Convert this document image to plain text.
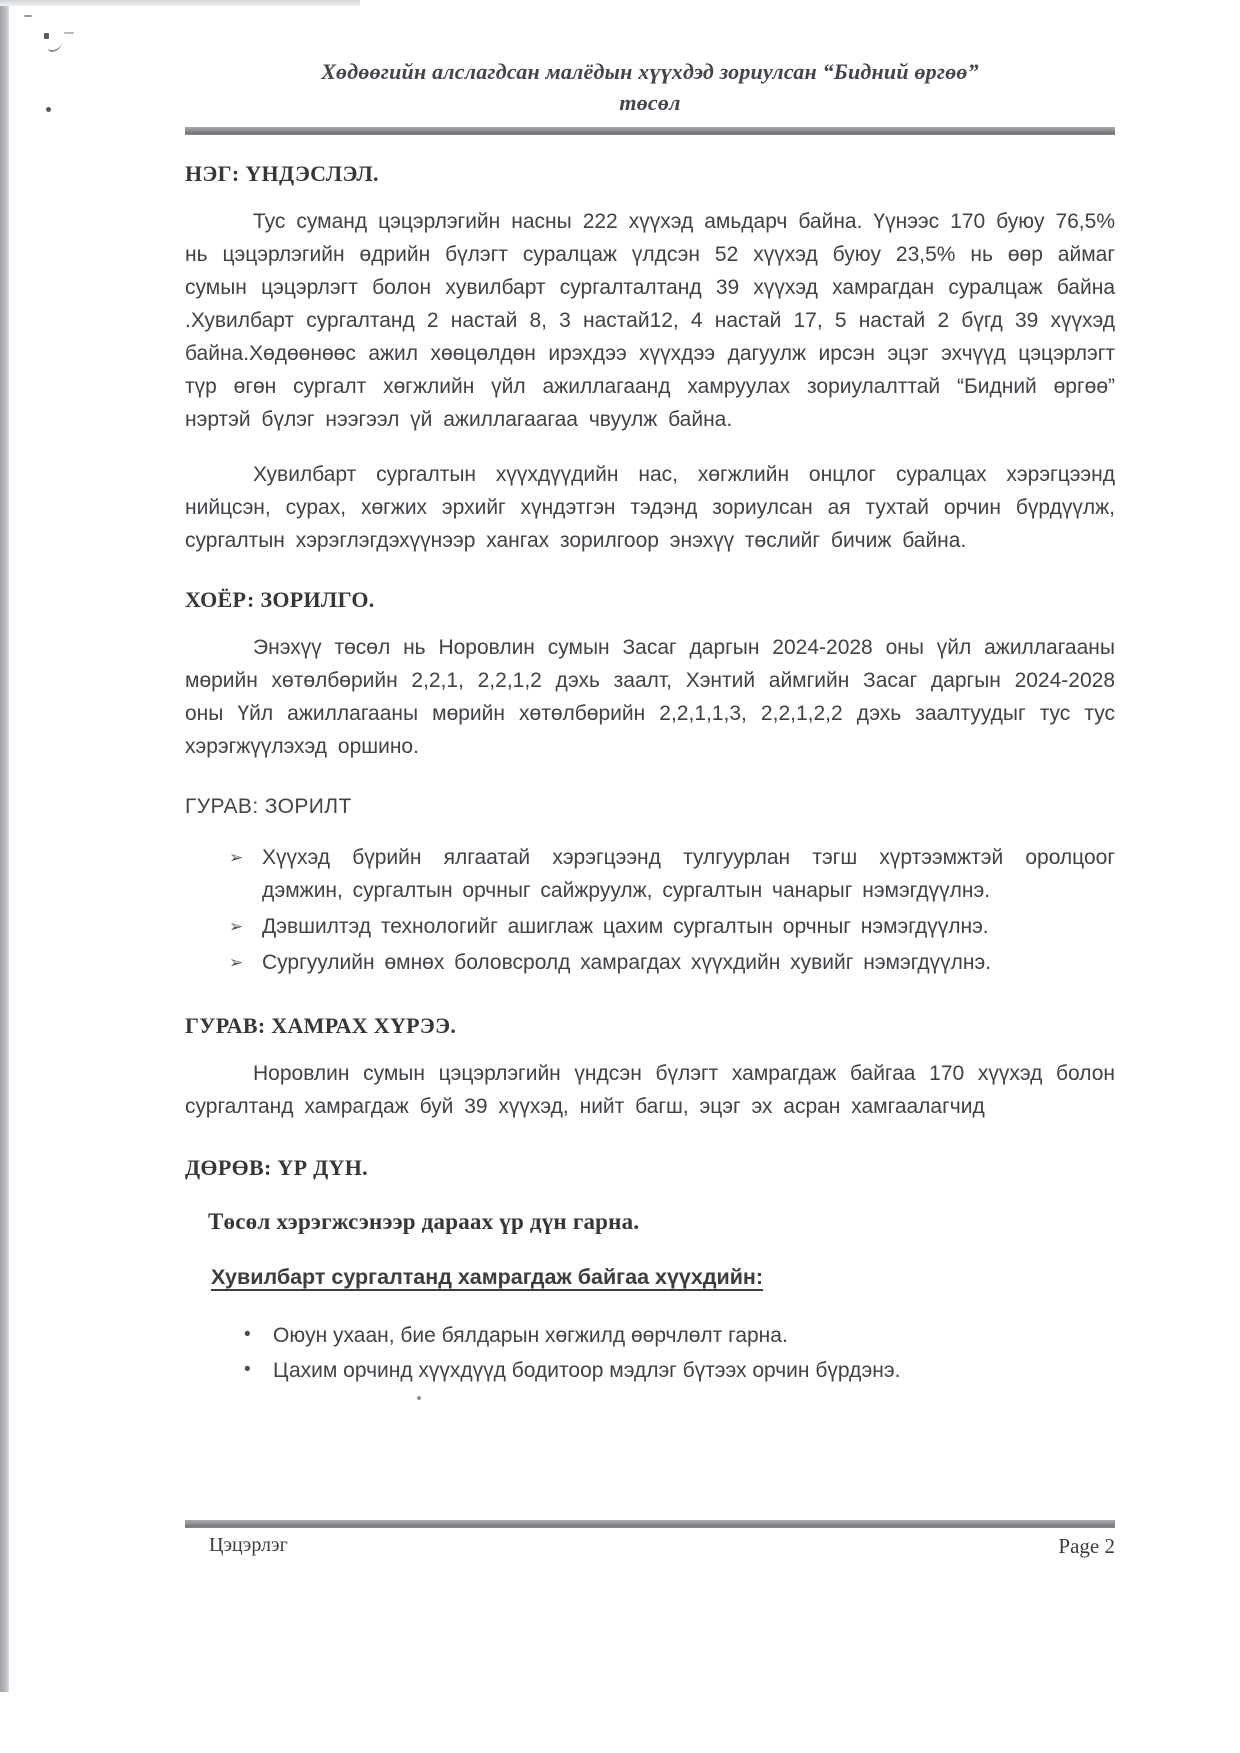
Хөдөөгийн алслагдсан малёдын хүүхдэд зориулсан “Бидний өргөө”
төсөл
НЭГ: ҮНДЭСЛЭЛ.

Тус суманд цэцэрлэгийн насны 222 хүүхэд амьдарч байна. Үүнээс 170 буюу 76,5% нь цэцэрлэгийн өдрийн бүлэгт суралцаж үлдсэн 52 хүүхэд буюу 23,5% нь өөр аймаг сумын цэцэрлэгт болон хувилбарт сургалталтанд 39 хүүхэд хамрагдан суралцаж байна .Хувилбарт сургалтанд 2 настай 8, 3 настай12, 4 настай 17, 5 настай 2 бүгд 39 хүүхэд байна.Хөдөөнөөс ажил хөөцөлдөн ирэхдээ хүүхдээ дагуулж ирсэн эцэг эхчүүд цэцэрлэгт түр өгөн сургалт хөгжлийн үйл ажиллагаанд хамруулах зориулалттай “Бидний өргөө” нэртэй бүлэг нээгээл үй ажиллагаагаа чвуулж байна.

Хувилбарт сургалтын хүүхдүүдийн нас, хөгжлийн онцлог суралцах хэрэгцээнд нийцсэн, сурах, хөгжих эрхийг хүндэтгэн тэдэнд зориулсан ая тухтай орчин бүрдүүлж, сургалтын хэрэглэгдэхүүнээр хангах зорилгоор энэхүү төслийг бичиж байна.

ХОЁР: ЗОРИЛГО.

Энэхүү төсөл нь Норовлин сумын Засаг даргын 2024-2028 оны үйл ажиллагааны мөрийн хөтөлбөрийн 2,2,1, 2,2,1,2 дэхь заалт, Хэнтий аймгийн Засаг даргын 2024-2028 оны Үйл ажиллагааны мөрийн хөтөлбөрийн 2,2,1,1,3, 2,2,1,2,2 дэхь заалтуудыг тус тус хэрэгжүүлэхэд оршино.

ГУРАВ: ЗОРИЛТ
➢ Хүүхэд бүрийн ялгаатай хэрэгцээнд тулгуурлан тэгш хүртээмжтэй оролцоог дэмжин, сургалтын орчныг сайжруулж, сургалтын чанарыг нэмэгдүүлнэ.
➢ Дэвшилтэд технологийг ашиглаж цахим сургалтын орчныг нэмэгдүүлнэ.
➢ Сургуулийн өмнөх боловсролд хамрагдах хүүхдийн хувийг нэмэгдүүлнэ.
ГУРАВ: ХАМРАХ ХҮРЭЭ.

Норовлин сумын цэцэрлэгийн үндсэн бүлэгт хамрагдаж байгаа 170 хүүхэд болон сургалтанд хамрагдаж буй 39 хүүхэд, нийт багш, эцэг эх асран хамгаалагчид

ДӨРӨВ: ҮР ДҮН.
Төсөл хэрэгжсэнээр дараах үр дүн гарна.
Хувилбарт сургалтанд хамрагдаж байгаа хүүхдийн:
• Оюун ухаан, бие бялдарын хөгжилд өөрчлөлт гарна.
• Цахим орчинд хүүхдүүд бодитоор мэдлэг бүтээх орчин бүрдэнэ.
Цэцэрлэг	Page 2
